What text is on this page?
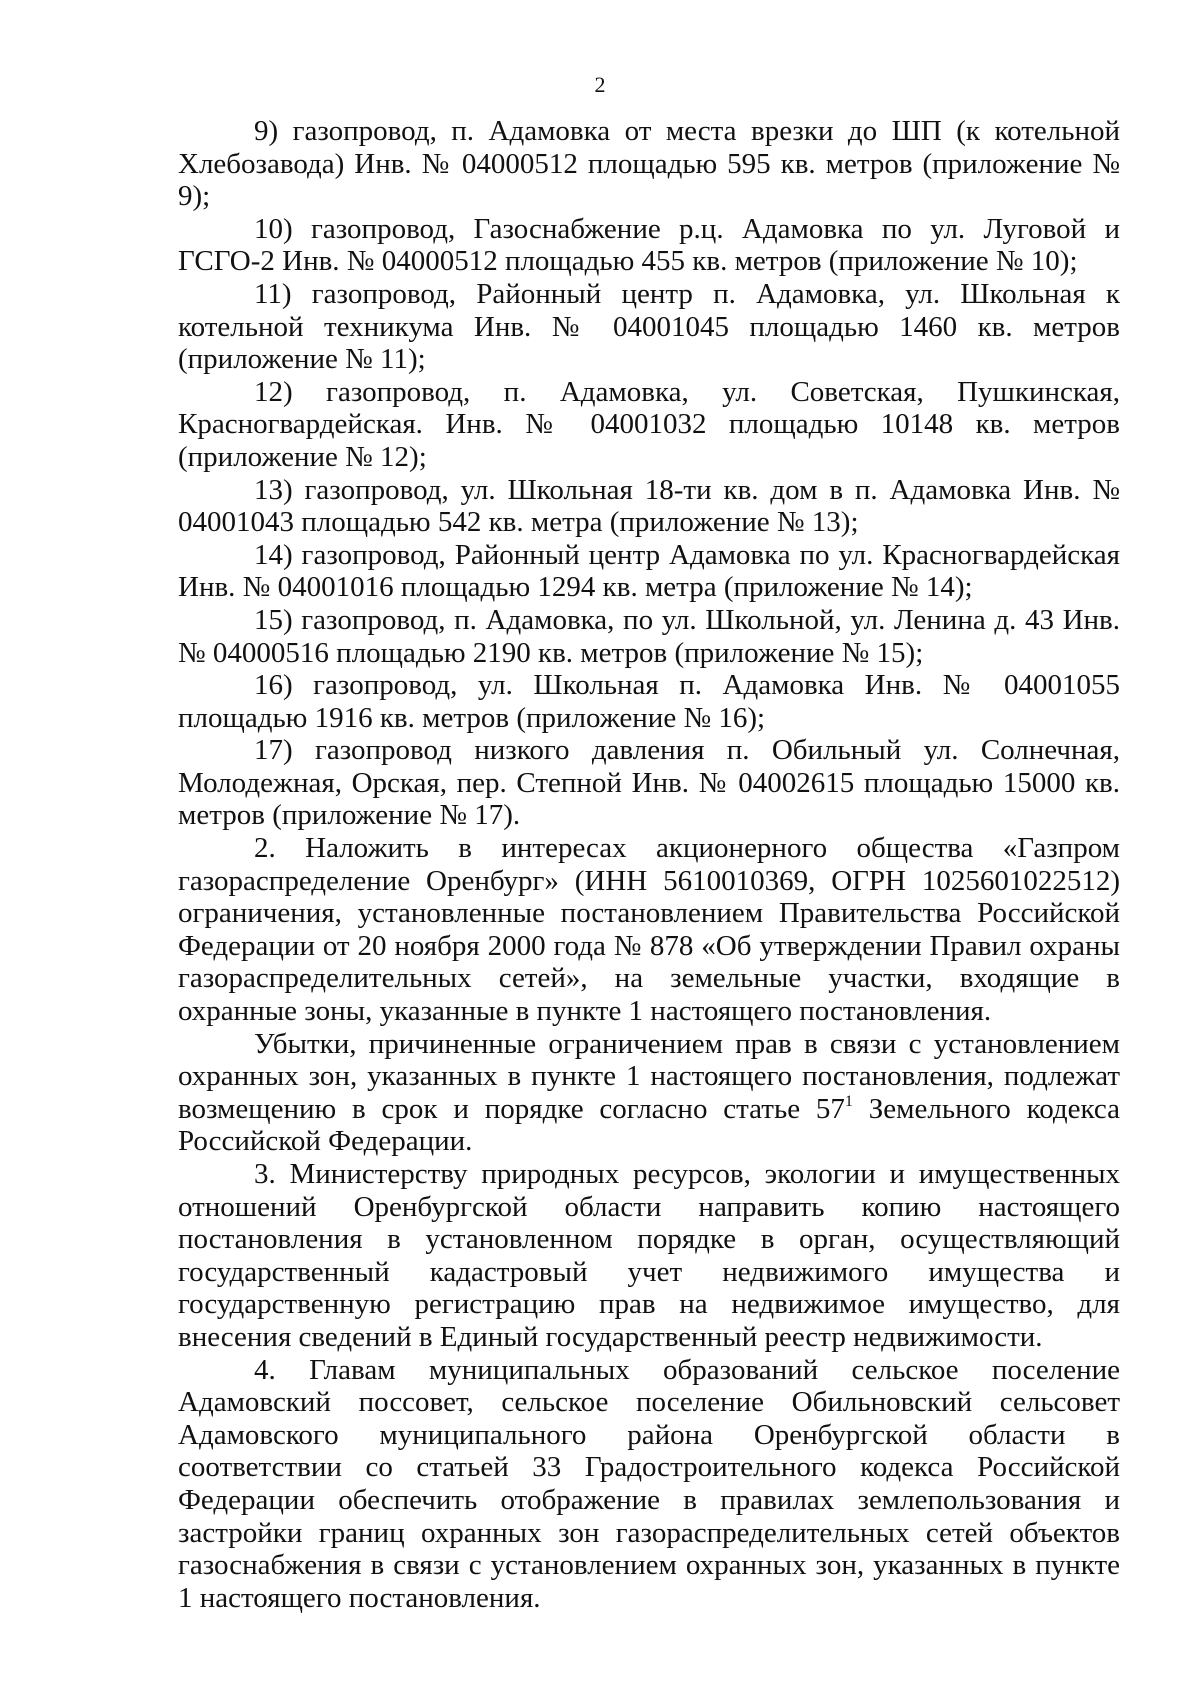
2

9) газопровод, п. Адамовка от места врезки до ШП (к котельной Хлебозавода) Инв. № 04000512 площадью 595 кв. метров (приложение № 9);

10) газопровод, Газоснабжение р.ц. Адамовка по ул. Луговой и ГСГО-2 Инв. № 04000512 площадью 455 кв. метров (приложение № 10);

11) газопровод, Районный центр п. Адамовка, ул. Школьная к котельной техникума Инв. № 04001045 площадью 1460 кв. метров (приложение № 11);

12) газопровод, п. Адамовка, ул. Советская, Пушкинская, Красногвардейская. Инв. № 04001032 площадью 10148 кв. метров (приложение № 12);

13) газопровод, ул. Школьная 18-ти кв. дом в п. Адамовка Инв. № 04001043 площадью 542 кв. метра (приложение № 13);

14) газопровод, Районный центр Адамовка по ул. Красногвардейская Инв. № 04001016 площадью 1294 кв. метра (приложение № 14);

15) газопровод, п. Адамовка, по ул. Школьной, ул. Ленина д. 43 Инв. № 04000516 площадью 2190 кв. метров (приложение № 15);

16) газопровод, ул. Школьная п. Адамовка Инв. № 04001055 площадью 1916 кв. метров (приложение № 16);

17) газопровод низкого давления п. Обильный ул. Солнечная, Молодежная, Орская, пер. Степной Инв. № 04002615 площадью 15000 кв. метров (приложение № 17).

2. Наложить в интересах акционерного общества «Газпром газораспределение Оренбург» (ИНН 5610010369, ОГРН 1025601022512) ограничения, установленные постановлением Правительства Российской Федерации от 20 ноября 2000 года № 878 «Об утверждении Правил охраны газораспределительных сетей», на земельные участки, входящие в охранные зоны, указанные в пункте 1 настоящего постановления.

Убытки, причиненные ограничением прав в связи с установлением охранных зон, указанных в пункте 1 настоящего постановления, подлежат возмещению в срок и порядке согласно статье $57^1$ Земельного кодекса Российской Федерации.

3. Министерству природных ресурсов, экологии и имущественных отношений Оренбургской области направить копию настоящего постановления в установленном порядке в орган, осуществляющий государственный кадастровый учет недвижимого имущества и государственную регистрацию прав на недвижимое имущество, для внесения сведений в Единый государственный реестр недвижимости.

4. Главам муниципальных образований сельское поселение Адамовский поссовет, сельское поселение Обильновский сельсовет Адамовского муниципального района Оренбургской области в соответствии со статьей 33 Градостроительного кодекса Российской Федерации обеспечить отображение в правилах землепользования и застройки границ охранных зон газораспределительных сетей объектов газоснабжения в связи с установлением охранных зон, указанных в пункте 1 настоящего постановления.
